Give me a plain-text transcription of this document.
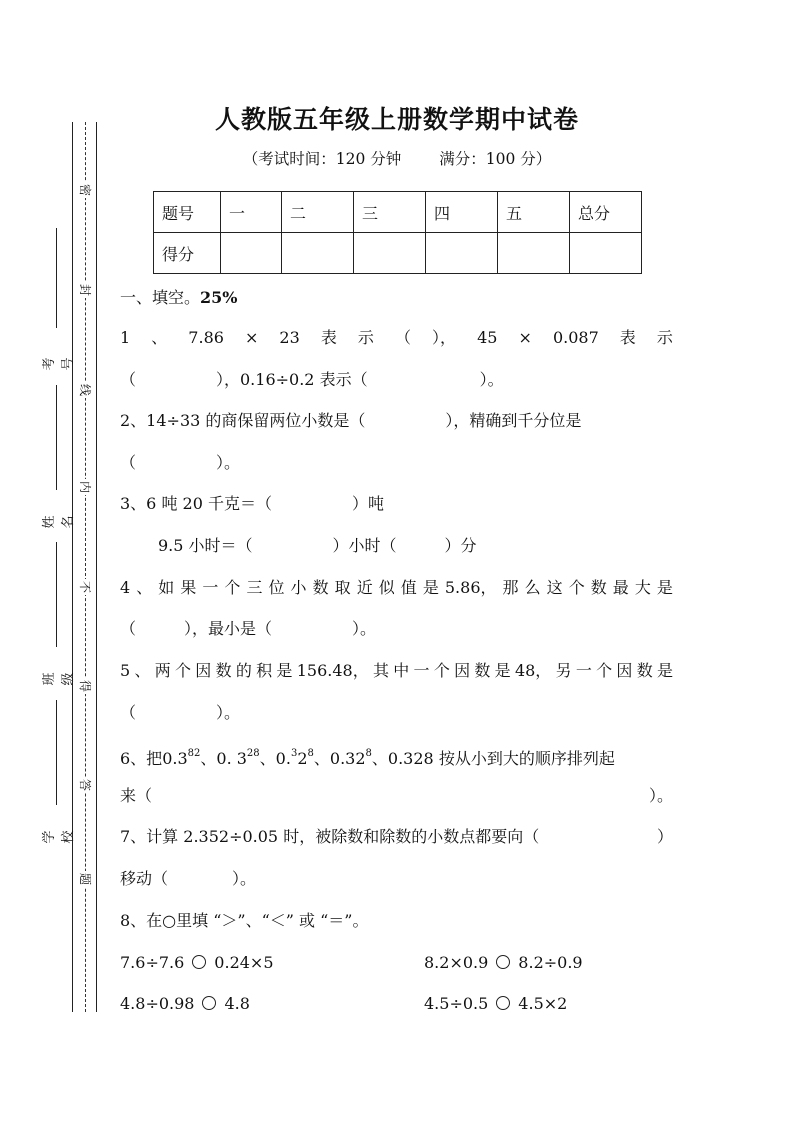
密
封
线
内
不
得
答
题
考号
姓名
班级
学校
人教版五年级上册数学期中试卷
（考试时间：120 分钟 满分：100 分）
题号	一	二	三	四	五	总分
得分						
一、填空。25%
1 、 7.86 × 23 表 示 （ ）， 45 × 0.087 表 示
（　　　　　），0.16÷0.2 表示（　　　　　　　）。
2、14÷33 的商保留两位小数是（　　　　　），精确到千分位是
（　　　　　）。
3、6 吨 20 千克＝（　　　　　）吨
9.5 小时＝（　　　　　）小时（　　　）分
4 、 如 果 一 个 三 位 小 数 取 近 似 值 是 5.86， 那 么 这 个 数 最 大 是
（　　　），最小是（　　　　　）。
5 、 两 个 因 数 的 积 是 156.48， 其 中 一 个 因 数 是 48， 另 一 个 因 数 是
（　　　　　）。
6、把$0.3^{82}$、0. $3^{28}$、$0.^32^8$、0.32$^8$、0.328 按从小到大的顺序排列起
来（	）。
7、计算 2.352÷0.05 时，被除数和除数的小数点都要向（	）
移动（　　　　）。
8、在○里填 “＞”、“＜” 或 “＝”。
7.6÷7.6 0.24×5	8.2×0.9 8.2÷0.9
4.8÷0.98 4.8	4.5÷0.5 4.5×2
